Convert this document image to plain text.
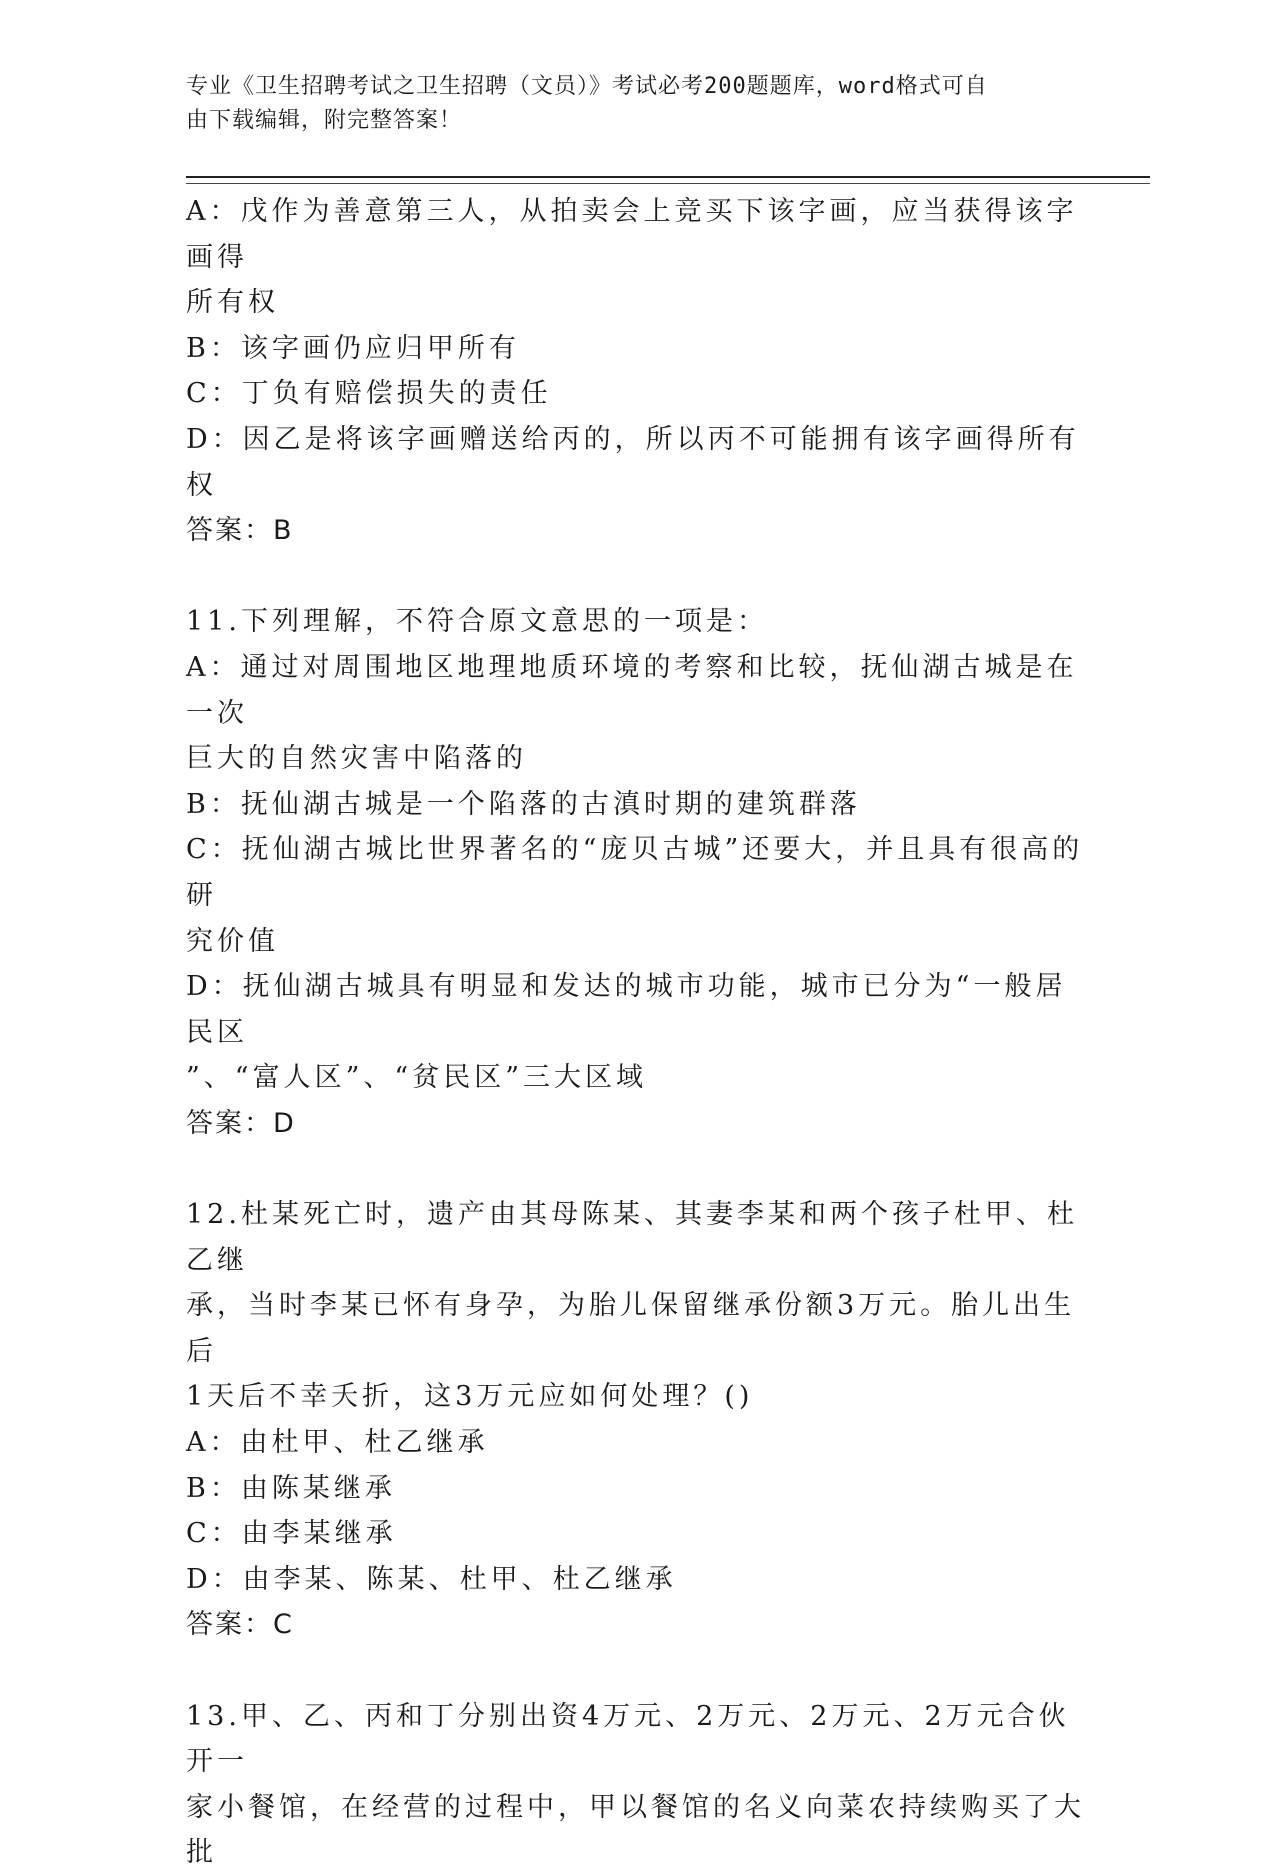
专业《卫生招聘考试之卫生招聘（文员）》考试必考200题题库，word格式可自
由下载编辑，附完整答案！
A：戊作为善意第三人，从拍卖会上竞买下该字画，应当获得该字画得
所有权
B：该字画仍应归甲所有
C：丁负有赔偿损失的责任
D：因乙是将该字画赠送给丙的，所以丙不可能拥有该字画得所有权
答案：B
11.下列理解，不符合原文意思的一项是：
A：通过对周围地区地理地质环境的考察和比较，抚仙湖古城是在一次
巨大的自然灾害中陷落的
B：抚仙湖古城是一个陷落的古滇时期的建筑群落
C：抚仙湖古城比世界著名的“庞贝古城”还要大，并且具有很高的研
究价值
D：抚仙湖古城具有明显和发达的城市功能，城市已分为“一般居民区
”、“富人区”、“贫民区”三大区域
答案：D
12.杜某死亡时，遗产由其母陈某、其妻李某和两个孩子杜甲、杜乙继
承，当时李某已怀有身孕，为胎儿保留继承份额3万元。胎儿出生后
1天后不幸夭折，这3万元应如何处理？()
A：由杜甲、杜乙继承
B：由陈某继承
C：由李某继承
D：由李某、陈某、杜甲、杜乙继承
答案：C
13.甲、乙、丙和丁分别出资4万元、2万元、2万元、2万元合伙开一
家小餐馆，在经营的过程中，甲以餐馆的名义向菜农持续购买了大批
